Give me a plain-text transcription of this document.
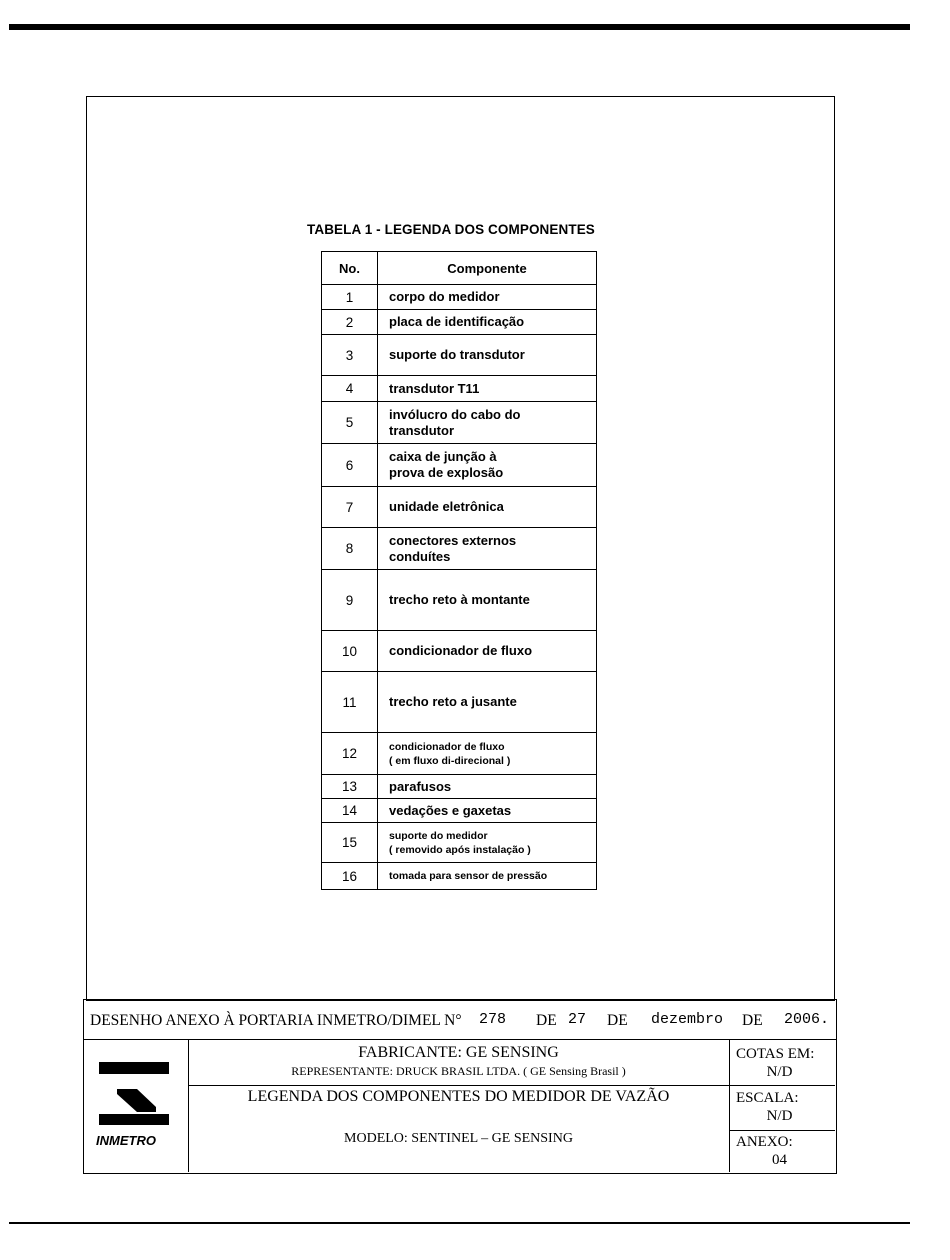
TABELA 1 - LEGENDA DOS COMPONENTES
No.	Componente
1	corpo do medidor

2	placa de identificação

3	suporte do transdutor

4	transdutor T11

5	invólucro do cabo do
transdutor

6	caixa de junção à
prova de explosão

7	unidade eletrônica

8	conectores externos
conduítes

9	trecho reto à montante

10	condicionador de fluxo

11	trecho reto a jusante

12	condicionador de fluxo
( em fluxo di-direcional )

13	parafusos

14	vedações e gaxetas

15	suporte do medidor
( removido após instalação )

16	tomada para sensor de pressão
DESENHO ANEXO À PORTARIA INMETRO/DIMEL N° 278 DE 27 DE dezembro DE 2006.
INMETRO
FABRICANTE: GE SENSING
REPRESENTANTE: DRUCK BRASIL LTDA. ( GE Sensing Brasil )
LEGENDA DOS COMPONENTES DO MEDIDOR DE VAZÃO
MODELO: SENTINEL – GE SENSING
COTAS EM:
N/D
ESCALA:
N/D
ANEXO:
04
